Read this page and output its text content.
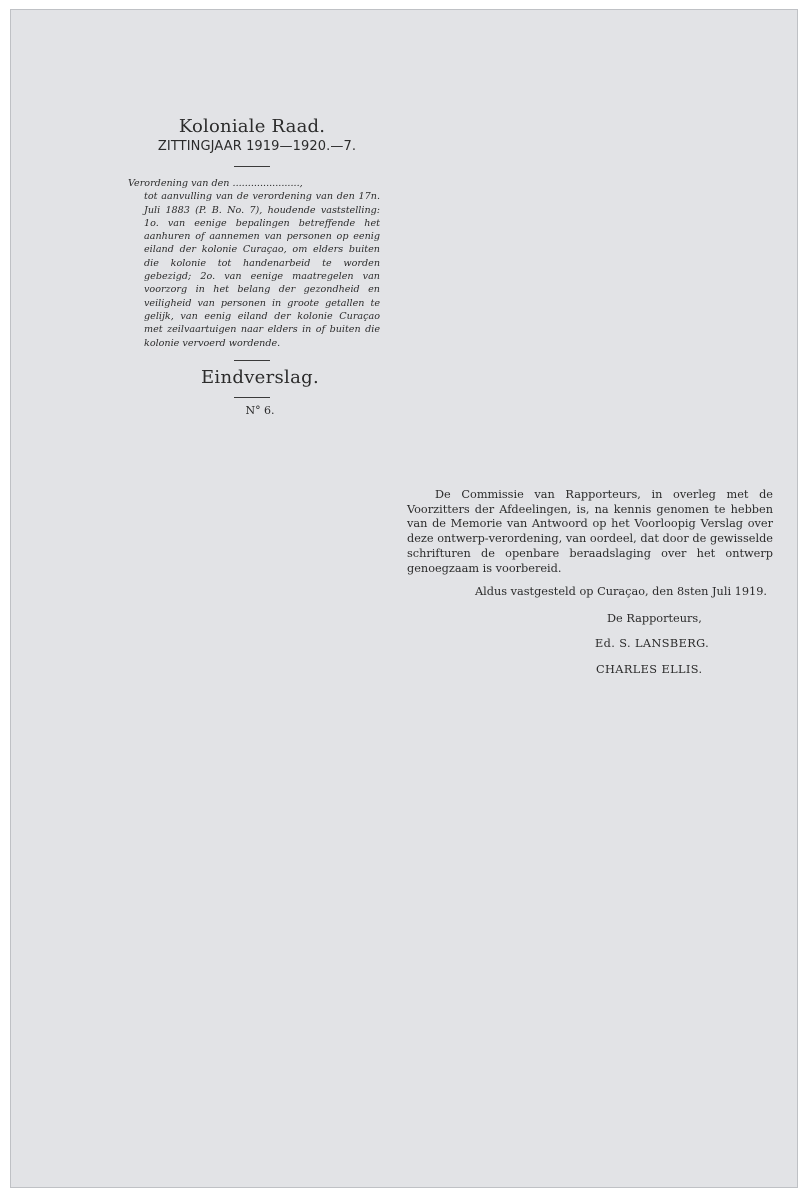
Koloniale Raad.
ZITTINGJAAR 1919—1920.—7.
Verordening van den ......................,
tot aanvulling van de verordening van den 17n. Juli 1883 (P. B. No. 7), houdende vaststelling: 1o. van eenige bepalingen betreffende het aanhuren of aannemen van personen op eenig eiland der kolonie Curaçao, om elders buiten die kolonie tot handenarbeid te worden gebezigd; 2o. van eenige maatregelen van voorzorg in het belang der gezondheid en veiligheid van personen in groote getallen te gelijk, van eenig eiland der kolonie Curaçao met zeilvaartuigen naar elders in of buiten die kolonie vervoerd wordende.
Eindverslag.
N° 6.

De Commissie van Rapporteurs, in overleg met de Voorzitters der Afdeelingen, is, na kennis genomen te hebben van de Memorie van Antwoord op het Voorloopig Verslag over deze ontwerp-verordening, van oordeel, dat door de gewisselde schrifturen de openbare beraadslaging over het ontwerp genoegzaam is voorbereid.

Aldus vastgesteld op Curaçao, den 8sten Juli 1919.

De Rapporteurs,

Ed. S. LANSBERG.

CHARLES ELLIS.
